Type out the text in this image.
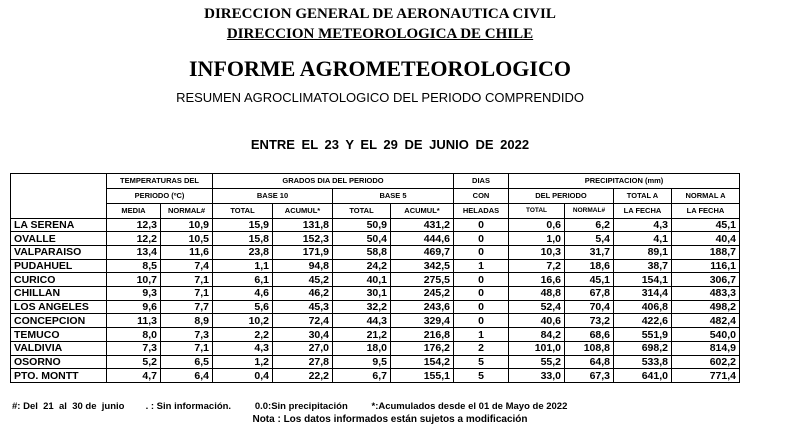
DIRECCION GENERAL DE AERONAUTICA CIVIL
DIRECCION METEOROLOGICA DE CHILE
INFORME AGROMETEOROLOGICO
RESUMEN AGROCLIMATOLOGICO DEL PERIODO COMPRENDIDO
ENTRE EL 23 Y EL 29 DE JUNIO DE 2022
	TEMPERATURAS DEL		GRADOS DIA DEL PERIODO				DIAS	PRECIPITACION (mm)			
	PERIODO (ºC)		BASE 10		BASE 5		CON	DEL PERIODO		TOTAL A	NORMAL A
	MEDIA	NORMAL#	TOTAL	ACUMUL*	TOTAL	ACUMUL*	HELADAS	TOTAL	NORMAL#	LA FECHA	LA FECHA
LA SERENA	12,3	10,9	15,9	131,8	50,9	431,2	0	0,6	6,2	4,3	45,1
OVALLE	12,2	10,5	15,8	152,3	50,4	444,6	0	1,0	5,4	4,1	40,4
VALPARAISO	13,4	11,6	23,8	171,9	58,8	469,7	0	10,3	31,7	89,1	188,7
PUDAHUEL	8,5	7,4	1,1	94,8	24,2	342,5	1	7,2	18,6	38,7	116,1
CURICO	10,7	7,1	6,1	45,2	40,1	275,5	0	16,6	45,1	154,1	306,7
CHILLAN	9,3	7,1	4,6	46,2	30,1	245,2	0	48,8	67,8	314,4	483,3
LOS ANGELES	9,6	7,7	5,6	45,3	32,2	243,6	0	52,4	70,4	406,8	498,2
CONCEPCION	11,3	8,9	10,2	72,4	44,3	329,4	0	40,6	73,2	422,6	482,4
TEMUCO	8,0	7,3	2,2	30,4	21,2	216,8	1	84,2	68,6	551,9	540,0
VALDIVIA	7,3	7,1	4,3	27,0	18,0	176,2	2	101,0	108,8	698,2	814,9
OSORNO	5,2	6,5	1,2	27,8	9,5	154,2	5	55,2	64,8	533,8	602,2
PTO. MONTT	4,7	6,4	0,4	22,2	6,7	155,1	5	33,0	67,3	641,0	771,4
#: Del  21  al  30 de  junio        . : Sin información.         0.0:Sin precipitación         *:Acumulados desde el 01 de Mayo de 2022
Nota : Los datos informados están sujetos a modificación
